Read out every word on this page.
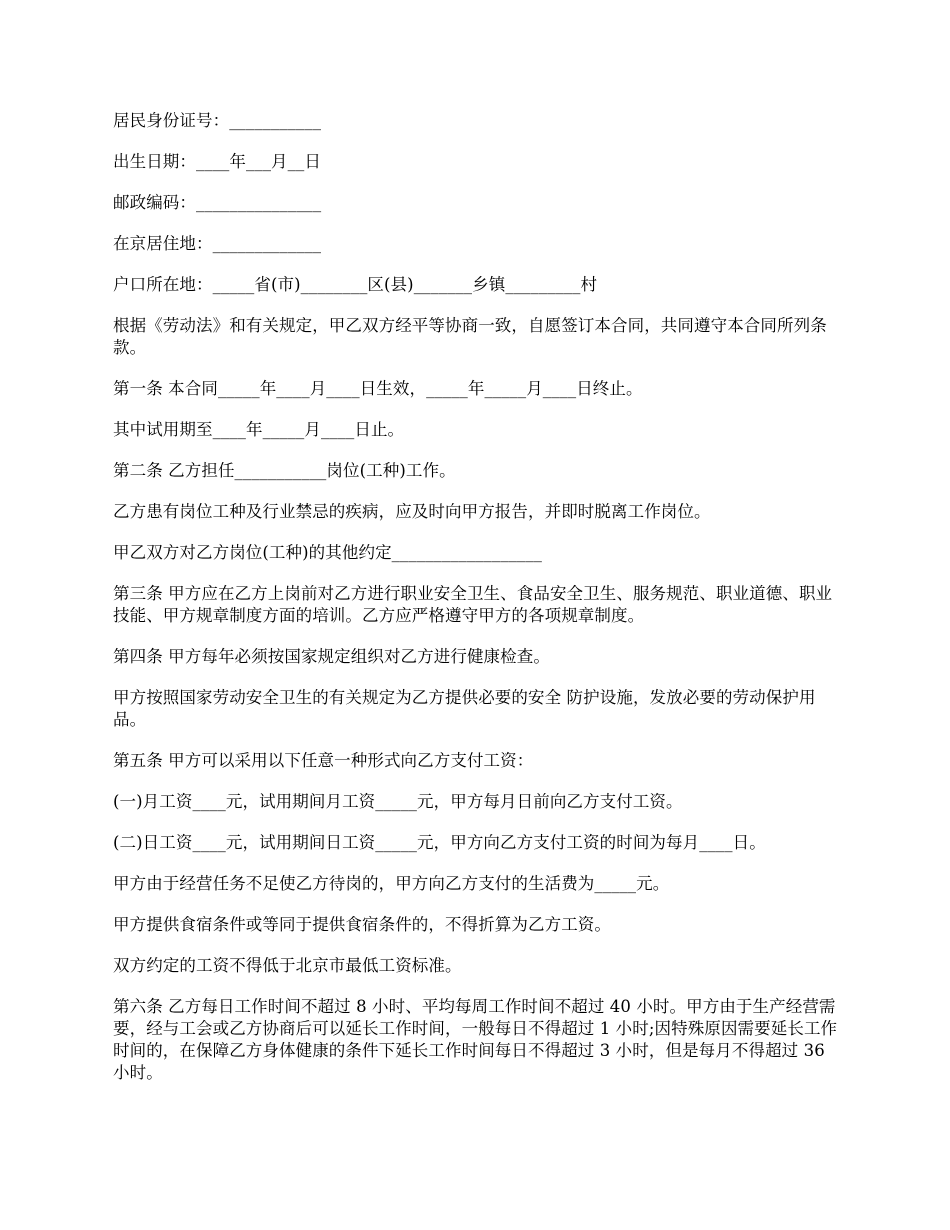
居民身份证号：___________

出生日期：____年___月__日

邮政编码：_______________

在京居住地：_____________

户口所在地：_____省(市)________区(县)_______乡镇_________村

根据《劳动法》和有关规定，甲乙双方经平等协商一致，自愿签订本合同，共同遵守本合同所列条款。

第一条 本合同_____年____月____日生效，_____年_____月____日终止。

其中试用期至____年_____月____日止。

第二条 乙方担任___________岗位(工种)工作。

乙方患有岗位工种及行业禁忌的疾病，应及时向甲方报告，并即时脱离工作岗位。

甲乙双方对乙方岗位(工种)的其他约定__________________

第三条 甲方应在乙方上岗前对乙方进行职业安全卫生、食品安全卫生、服务规范、职业道德、职业技能、甲方规章制度方面的培训。乙方应严格遵守甲方的各项规章制度。

第四条 甲方每年必须按国家规定组织对乙方进行健康检查。

甲方按照国家劳动安全卫生的有关规定为乙方提供必要的安全 防护设施，发放必要的劳动保护用品。

第五条 甲方可以采用以下任意一种形式向乙方支付工资：

(一)月工资____元，试用期间月工资_____元，甲方每月日前向乙方支付工资。

(二)日工资____元，试用期间日工资_____元，甲方向乙方支付工资的时间为每月____日。

甲方由于经营任务不足使乙方待岗的，甲方向乙方支付的生活费为_____元。

甲方提供食宿条件或等同于提供食宿条件的，不得折算为乙方工资。

双方约定的工资不得低于北京市最低工资标准。

第六条 乙方每日工作时间不超过 8 小时、平均每周工作时间不超过 40 小时。甲方由于生产经营需要，经与工会或乙方协商后可以延长工作时间，一般每日不得超过 1 小时;因特殊原因需要延长工作时间的，在保障乙方身体健康的条件下延长工作时间每日不得超过 3 小时，但是每月不得超过 36 小时。
